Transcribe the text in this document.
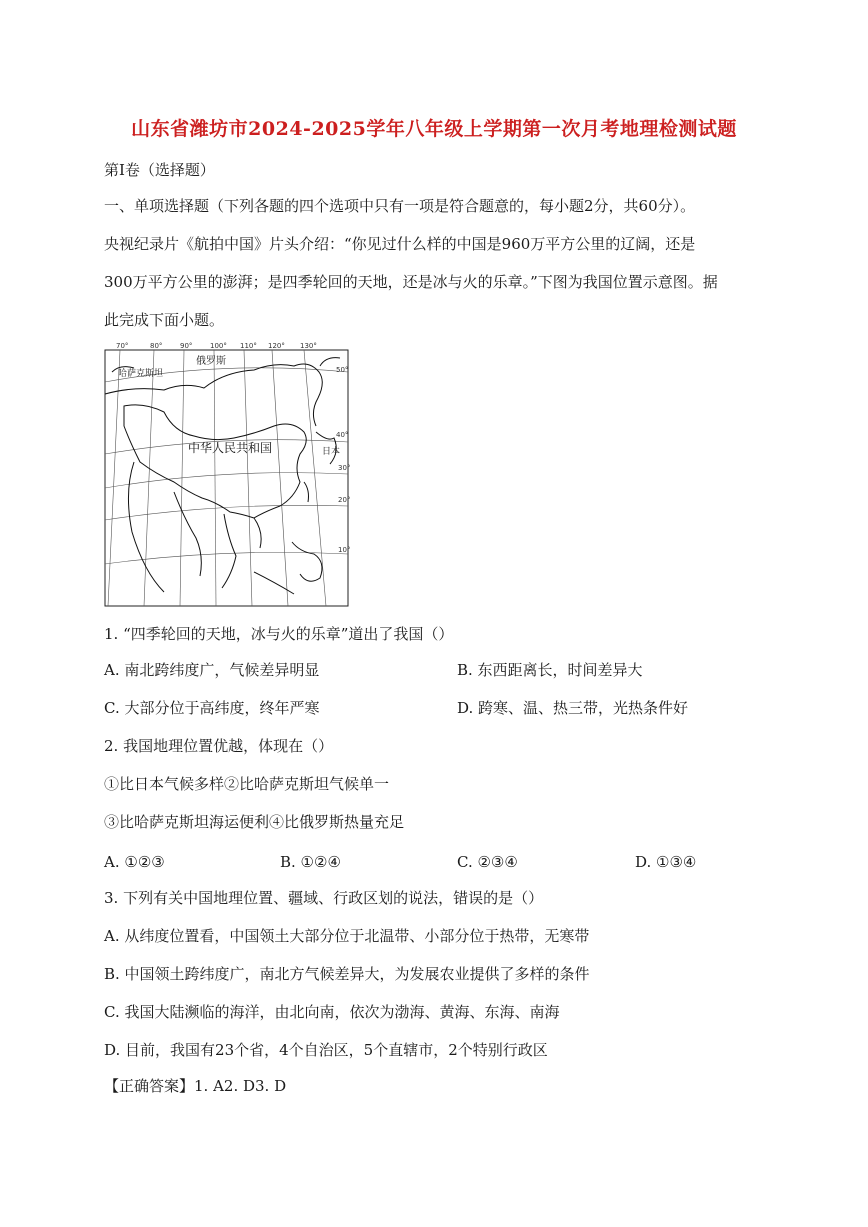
山东省潍坊市2024-2025学年八年级上学期第一次月考地理检测试题
第Ⅰ卷（选择题）
一、单项选择题（下列各题的四个选项中只有一项是符合题意的，每小题2分，共60分）。
央视纪录片《航拍中国》片头介绍：“你见过什么样的中国是960万平方公里的辽阔，还是
300万平方公里的澎湃；是四季轮回的天地，还是冰与火的乐章。”下图为我国位置示意图。据
此完成下面小题。
70°	80°	90°	100° 110° 120° 130°
50°
40°
30°
20°
10°
俄罗斯
哈萨克斯坦
中华人民共和国	日本
1. “四季轮回的天地，冰与火的乐章”道出了我国（）
A. 南北跨纬度广，气候差异明显	B. 东西距离长，时间差异大
C. 大部分位于高纬度，终年严寒	D. 跨寒、温、热三带，光热条件好
2. 我国地理位置优越，体现在（）
①比日本气候多样②比哈萨克斯坦气候单一
③比哈萨克斯坦海运便利④比俄罗斯热量充足
A. ①②③	B. ①②④	C. ②③④	D. ①③④
3. 下列有关中国地理位置、疆域、行政区划的说法，错误的是（）
A. 从纬度位置看，中国领土大部分位于北温带、小部分位于热带，无寒带
B. 中国领土跨纬度广，南北方气候差异大，为发展农业提供了多样的条件
C. 我国大陆濒临的海洋，由北向南，依次为渤海、黄海、东海、南海
D. 目前，我国有23个省，4个自治区，5个直辖市，2个特别行政区
【正确答案】1. A2. D3. D
